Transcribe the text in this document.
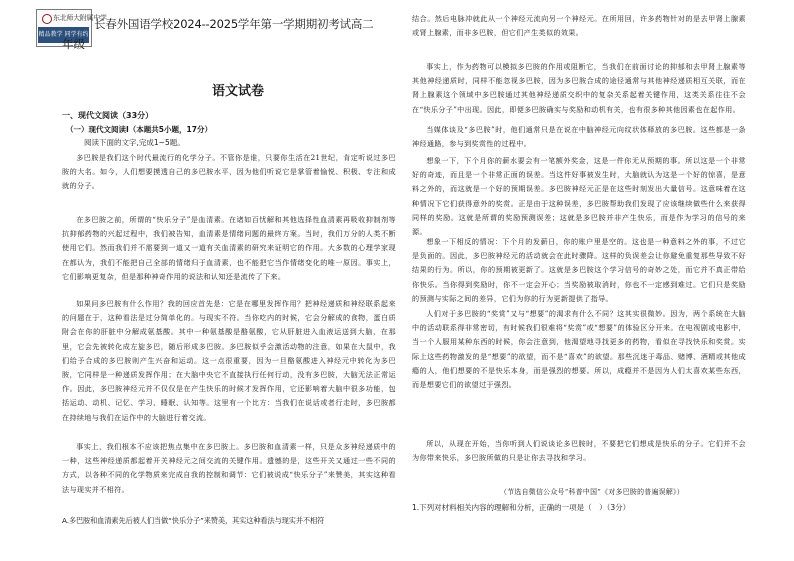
东北师大附属中学
精品教学 同学有约
长春外国语学校2024--2025学年第一学期期初考试高二
年级
语文试卷
一、现代文阅读（33分）
（一）现代文阅读I（本题共5小题，17分）
阅读下面的文字,完成1~5题。

多巴胺是我们这个时代最流行的化学分子。不管你是谁，只要你生活在21世纪，肯定听说过多巴胺的大名。如今，人们想要摸透自己的多巴胺水平，因为他们听说它是掌管着愉悦、积极、专注和成就的分子。

在多巴胺之前，所谓的“快乐分子”是血清素。在诸如百忧解和其他选择性血清素再吸收抑制剂等抗抑郁药物的兴起过程中，我们被告知，血清素是情绪问题的最终方案。当时，我们万分的人类不断使用它们。然而我们并不需要到一道又一道有关血清素的研究来证明它的作用。大多数的心理学家现在都认为，我们不能把自己全部的情绪归于血清素，也不能把它当作情绪变化的唯一原因。事实上，它们影响更复杂，但是那种神奇作用的说法和认知还是流传了下来。

如果问多巴胺有什么作用？我的回应首先是：它是在哪里发挥作用？把神经递质和神经联系起来的问题在于，这种看法是过分简单化的。与现实不符。当你吃内的时候，它会分解成的食物，蛋白质附会在你的肝脏中分解成氨基酸。其中一种氨基酸是酪氨酸，它从肝脏进入血液运送到大脑，在那里，它会先被转化成左旋多巴，随后形成多巴胺。多巴胺似乎会激活动物的注意，如果在大鼠中，我们给予合成的多巴胺则产生兴奋和运动。这一点很重要，因为一旦酪氨酸进入神经元中转化为多巴胺，它同样是一种递质发挥作用；在大脑中央它不直接执行任何行动，没有多巴胺，大脑无法正常运作。因此，多巴胺神经元并不仅仅是在产生快乐的时候才发挥作用，它还影响着大脑中很多功能，包括运动、动机、记忆、学习、睡眠、认知等。这里有一个比方：当我们在说话或者行走时，多巴胺都在持续地与我们在运作中的大脑进行着交流。

事实上，我们根本不应该把焦点集中在多巴胺上。多巴胺和血清素一样，只是众多神经递质中的一种，这些神经递质都起着开关神经元之间交流的关键作用。遗憾的是，这些开关又通过一些不同的方式，以各种不同的化学物质来完成自我的控制和调节：它们被说成“快乐分子”来赞美，其实这种看法与现实并不相符。

结合。然后电脉冲就此从一个神经元流向另一个神经元。在所用回，许多药物针对的是去甲肾上腺素或肾上腺素，而非多巴胺，但它们产生类似的效果。

事实上，作为药物可以模拟多巴胺的作用或阻断它，当我们在前面讨论的抑郁和去甲肾上腺素等其他神经递质时，同样不能忽视多巴胺，因为多巴胺合成的途径通常与其他神经递质相互关联，而在肾上腺素这个领域中多巴胺通过其他神经递质交织中的复杂关系起着关键作用，这类关系往往不会在“快乐分子”中出现。因此，即便多巴胺确实与奖励和动机有关，也有很多种其他因素也在起作用。

当媒体谈及“多巴胺”时，他们通常只是在说在中脑神经元向纹状体释放的多巴胺。这些都是一条神经通路，参与到奖赏性的过程中。

想象一下，下个月你的薪水要会有一笔额外奖金，这是一件你无从预期的事。所以这是一个非常好的奇迹，而且是一个非常正面的误差。当这件好事被发生时，大脑就认为这是一个好的惊喜，是意料之外的，而这就是一个好的预期误差。多巴胺神经元正是在这些时刻发出大量信号。这意味着在这种情况下它们获得意外的奖赏。正是由于这种误差，多巴胺帮助我们发现了应该继续做些什么来获得同样的奖励。这就是所谓的奖励预测误差；这就是多巴胺并非产生快乐，而是作为学习的信号的来源。

想象一下相反的情况：下个月的发薪日，你的账户里是空的。这也是一种意料之外的事，不过它是负面的。因此，多巴胺神经元的活动就会在此时骤降。这样的负误差会让你避免重复那些导致不好结果的行为。所以，你的预期被更新了。这就是多巴胺这个学习信号的奇妙之处，而它并不真正带给你快乐。当你得到奖励时，你不一定会开心；当奖励被取消时，你也不一定感到难过。它们只是奖励的预测与实际之间的差异，它们为你的行为更新提供了指导。

人们对于多巴胺的“奖赏”又与“想要”的渴求有什么不同？这其实很微妙。因为，两个系统在大脑中的活动联系得非常密切，有时候我们很难将“奖赏”或“想要”的体验区分开来。在电视剧或电影中，当一个人服用某种东西的时候，你会注意到，他渴望地寻找更多的药物，看似在寻找快乐和奖赏。实际上这些药物激发的是“想要”的欲望，而不是“喜欢”的欲望。那些沉迷于毒品、赌博、酒精或其他成瘾的人，他们想要的不是快乐本身，而是强烈的想要。所以，成瘾并不是因为人们太喜欢某些东西，而是想要它们的欲望过于强烈。

所以，从现在开始，当你听到人们说谈论多巴胺时，不要把它们想成是快乐的分子。它们并不会为你带来快乐，多巴胺所做的只是让你去寻找和学习。

（节选自微信公众号“科普中国”《对多巴胺的普遍误解》）
1.下列对材料相关内容的理解和分析，正确的一项是（　）（3分）
A.多巴胺和血清素先后被人们当做“快乐分子”来赞美，其实这种看法与现实并不相符
